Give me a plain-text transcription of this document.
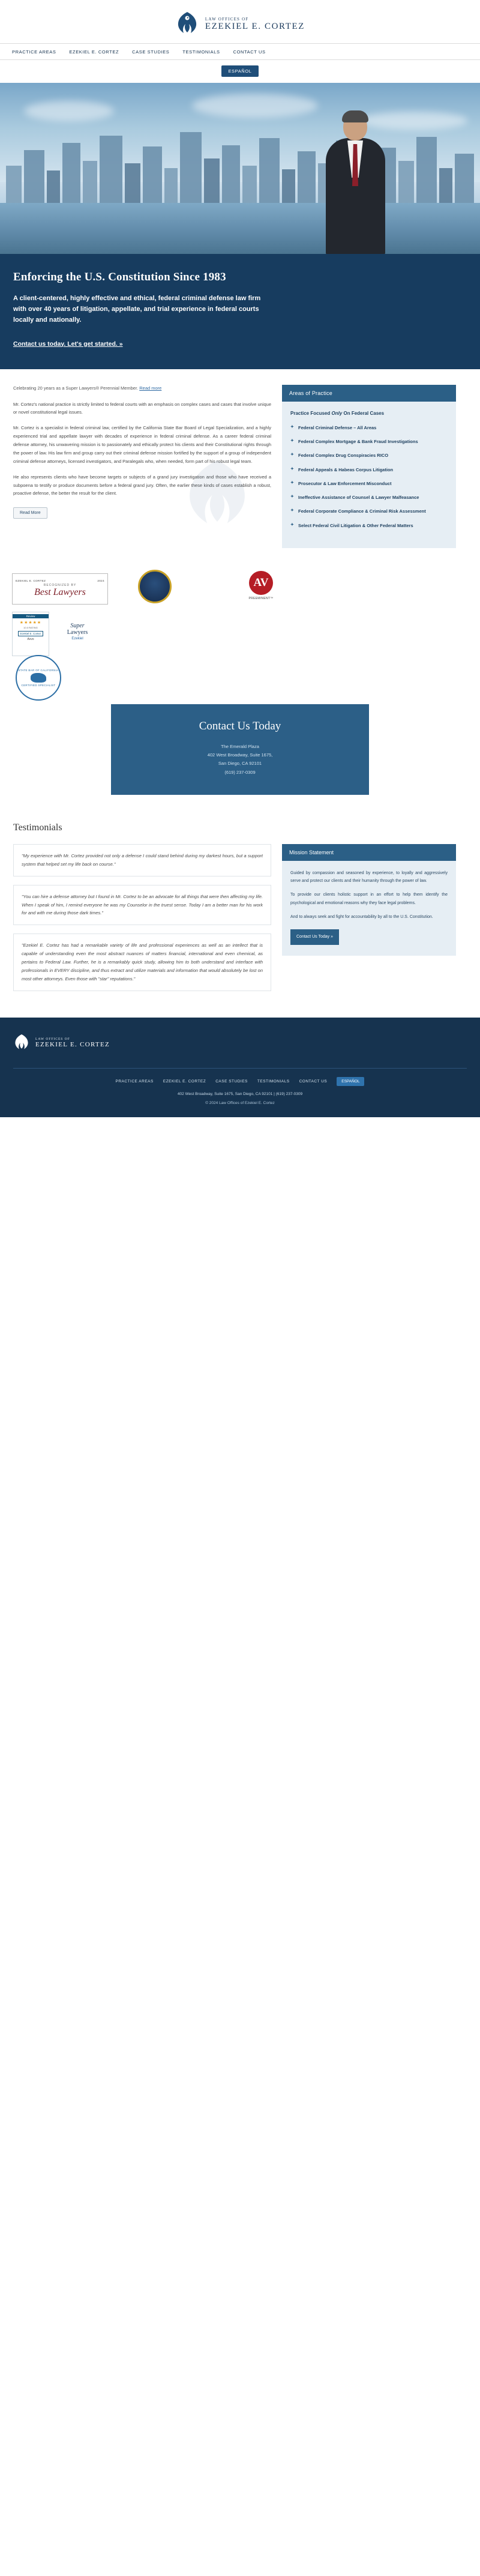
LAW OFFICES OF
EZEKIEL E. CORTEZ
PRACTICE AREAS	EZEKIEL E. CORTEZ	CASE STUDIES	TESTIMONIALS	CONTACT US
ESPAÑOL
Enforcing the U.S. Constitution Since 1983

A client-centered, highly effective and ethical, federal criminal defense law firm with over 40 years of litigation, appellate, and trial experience in federal courts locally and nationally.

Contact us today. Let's get started. »
Celebrating 20 years as a Super Lawyers® Perennial Member. Read more

Mr. Cortez's national practice is strictly limited to federal courts with an emphasis on complex cases and cases that involve unique or novel constitutional legal issues.

Mr. Cortez is a specialist in federal criminal law, certified by the California State Bar Board of Legal Specialization, and a highly experienced trial and appellate lawyer with decades of experience in federal criminal defense. As a career federal criminal defense attorney, his unwavering mission is to passionately and ethically protect his clients and their Constitutional rights through the power of law. His law firm and group carry out their criminal defense mission fortified by the support of a group of independent criminal defense attorneys, licensed investigators, and Paralegals who, when needed, form part of his robust legal team.

He also represents clients who have become targets or subjects of a grand jury investigation and those who have received a subpoena to testify or produce documents before a federal grand jury. Often, the earlier these kinds of cases establish a robust, proactive defense, the better the result for the client.

Read More
Areas of Practice
Practice Focused Only On Federal Cases
✦ Federal Criminal Defense – All Areas
✦ Federal Complex Mortgage & Bank Fraud Investigations
✦ Federal Complex Drug Conspiracies RICO
✦ Federal Appeals & Habeas Corpus Litigation
✦ Prosecutor & Law Enforcement Misconduct
✦ Ineffective Assistance of Counsel & Lawyer Malfeasance
✦ Federal Corporate Compliance & Criminal Risk Assessment
✦ Select Federal Civil Litigation & Other Federal Matters
EZEKIEL E. CORTEZ	2024
RECOGNIZED BY
Best Lawyers
AV
PREEMINENT™
Review
★★★★★
10.0 RATING
Ezekiel E. Cortez
Avvo
Super
Lawyers
Ezekiel
STATE BAR OF CALIFORNIA
CERTIFIED SPECIALIST
Contact Us Today
The Emerald Plaza
402 West Broadway, Suite 1675,
San Diego, CA 92101
(619) 237-0309
Testimonials
"My experience with Mr. Cortez provided not only a defense I could stand behind during my darkest hours, but a support system that helped set my life back on course."
"You can hire a defense attorney but I found in Mr. Cortez to be an advocate for all things that were then affecting my life. When I speak of him, I remind everyone he was my Counselor in the truest sense. Today I am a better man for his work for and with me during those dark times."
"Ezekiel E. Cortez has had a remarkable variety of life and professional experiences as well as an intellect that is capable of understanding even the most abstract nuances of matters financial, international and even chemical, as pertains to Federal Law. Further, he is a remarkably quick study, allowing him to both understand and interface with professionals in EVERY discipline, and thus extract and utilize materials and information that would absolutely be lost on most other attorneys. Even those with "star" reputations."
Mission Statement

Guided by compassion and seasoned by experience, to loyally and aggressively serve and protect our clients and their humanity through the power of law.

To provide our clients holistic support in an effort to help them identify the psychological and emotional reasons why they face legal problems.

And to always seek and fight for accountability by all to the U.S. Constitution.

Contact Us Today »
LAW OFFICES OF
EZEKIEL E. CORTEZ
PRACTICE AREAS EZEKIEL E. CORTEZ CASE STUDIES TESTIMONIALS CONTACT US	ESPAÑOL
402 West Broadway, Suite 1675, San Diego, CA 92101 | (619) 237-0309
© 2024 Law Offices of Ezekiel E. Cortez
